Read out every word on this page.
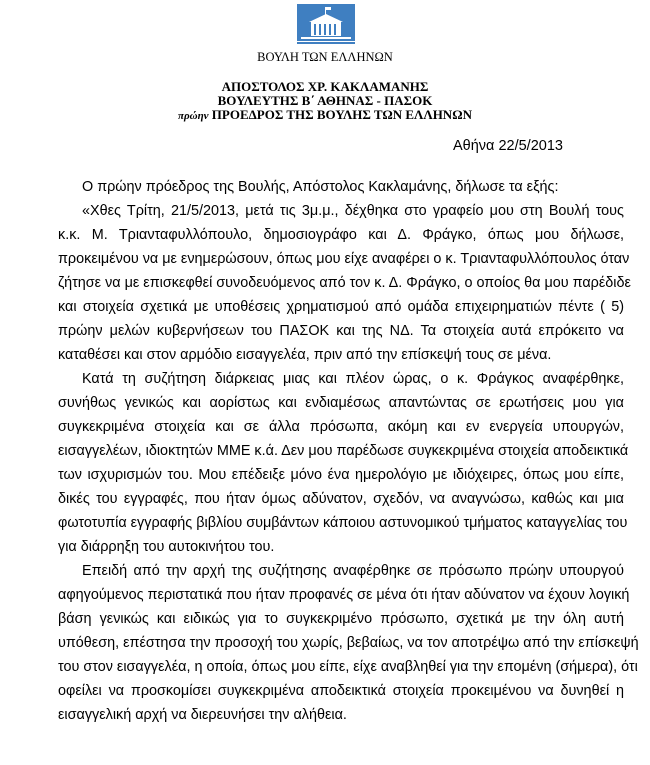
ΒΟΥΛΗ ΤΩΝ ΕΛΛΗΝΩΝ
ΑΠΟΣΤΟΛΟΣ ΧΡ. ΚΑΚΛΑΜΑΝΗΣ
ΒΟΥΛΕΥΤΗΣ Β΄ ΑΘΗΝΑΣ - ΠΑΣΟΚ
πρώην ΠΡΟΕΔΡΟΣ ΤΗΣ ΒΟΥΛΗΣ ΤΩΝ ΕΛΛΗΝΩΝ
Αθήνα 22/5/2013
Ο πρώην πρόεδρος της Βουλής, Απόστολος Κακλαμάνης, δήλωσε τα εξής:
«Χθες Τρίτη, 21/5/2013, μετά τις 3μ.μ., δέχθηκα στο γραφείο μου στη Βουλή τους
κ.κ. Μ. Τριανταφυλλόπουλο, δημοσιογράφο και Δ. Φράγκο, όπως μου δήλωσε,
προκειμένου να με ενημερώσουν, όπως μου είχε αναφέρει ο κ. Τριανταφυλλόπουλος όταν
ζήτησε να με επισκεφθεί συνοδευόμενος από τον κ. Δ. Φράγκο, ο οποίος θα μου παρέδιδε
και στοιχεία σχετικά με υποθέσεις χρηματισμού από ομάδα επιχειρηματιών πέντε ( 5)
πρώην μελών κυβερνήσεων του ΠΑΣΟΚ και της ΝΔ. Τα στοιχεία αυτά επρόκειτο να
καταθέσει και στον αρμόδιο εισαγγελέα, πριν από την επίσκεψή τους σε μένα.
Κατά τη συζήτηση διάρκειας μιας και πλέον ώρας, ο κ. Φράγκος αναφέρθηκε,
συνήθως γενικώς και αορίστως και ενδιαμέσως απαντώντας σε ερωτήσεις μου για
συγκεκριμένα στοιχεία και σε άλλα πρόσωπα, ακόμη και εν ενεργεία υπουργών,
εισαγγελέων, ιδιοκτητών ΜΜΕ κ.ά. Δεν μου παρέδωσε συγκεκριμένα στοιχεία αποδεικτικά
των ισχυρισμών του. Μου επέδειξε μόνο ένα ημερολόγιο με ιδιόχειρες, όπως μου είπε,
δικές του εγγραφές, που ήταν όμως αδύνατον, σχεδόν, να αναγνώσω, καθώς και μια
φωτοτυπία εγγραφής βιβλίου συμβάντων κάποιου αστυνομικού τμήματος καταγγελίας του
για διάρρηξη του αυτοκινήτου του.
Επειδή από την αρχή της συζήτησης αναφέρθηκε σε πρόσωπο πρώην υπουργού
αφηγούμενος περιστατικά που ήταν προφανές σε μένα ότι ήταν αδύνατον να έχουν λογική
βάση γενικώς και ειδικώς για το συγκεκριμένο πρόσωπο, σχετικά με την όλη αυτή
υπόθεση, επέστησα την προσοχή του χωρίς, βεβαίως, να τον αποτρέψω από την επίσκεψή
του στον εισαγγελέα, η οποία, όπως μου είπε, είχε αναβληθεί για την επομένη (σήμερα), ότι
οφείλει να προσκομίσει συγκεκριμένα αποδεικτικά στοιχεία προκειμένου να δυνηθεί η
εισαγγελική αρχή να διερευνήσει την αλήθεια.
